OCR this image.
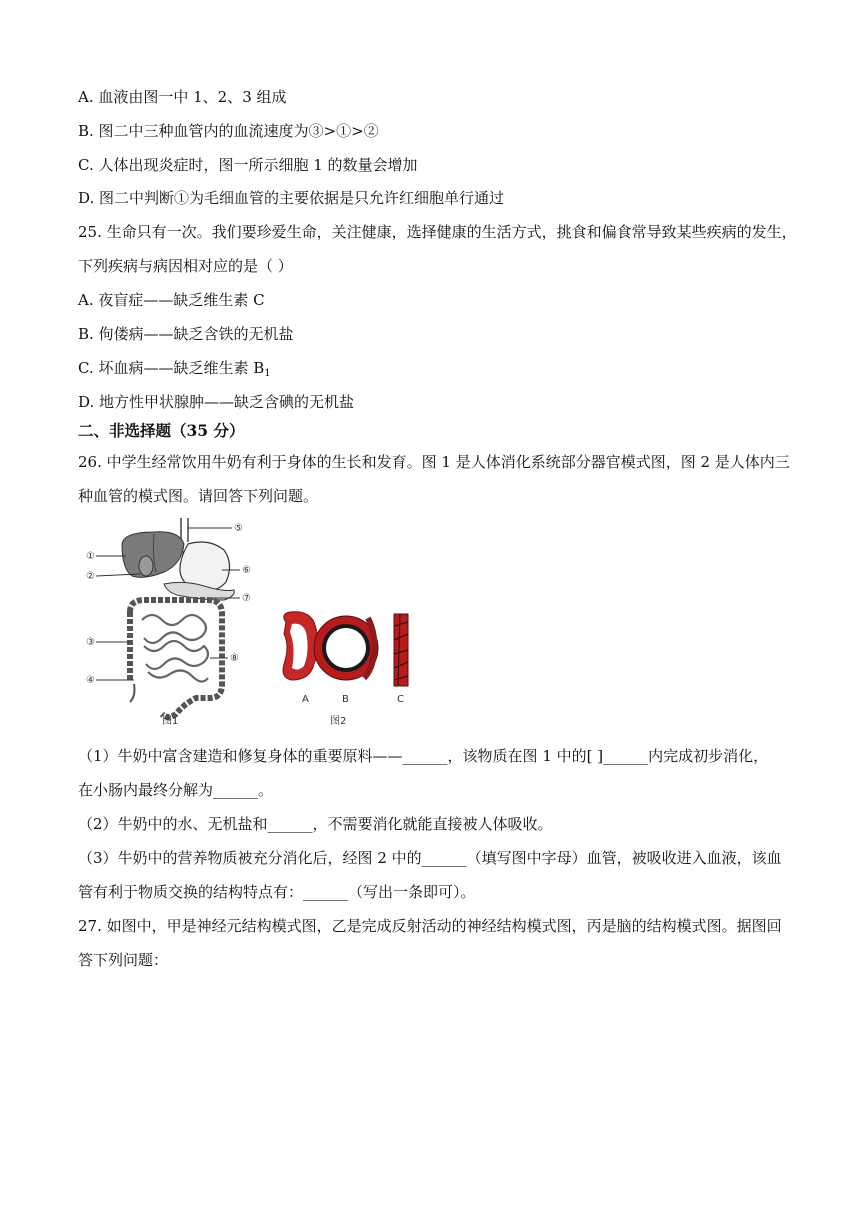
A. 血液由图一中 1、2、3 组成
B. 图二中三种血管内的血流速度为③>①>②
C. 人体出现炎症时，图一所示细胞 1 的数量会增加
D. 图二中判断①为毛细血管的主要依据是只允许红细胞单行通过
25. 生命只有一次。我们要珍爱生命，关注健康，选择健康的生活方式，挑食和偏食常导致某些疾病的发生，
下列疾病与病因相对应的是（ ）
A. 夜盲症——缺乏维生素 C
B. 佝偻病——缺乏含铁的无机盐
C. 坏血病——缺乏维生素 $B_1$
D. 地方性甲状腺肿——缺乏含碘的无机盐
二、非选择题（35 分）
26. 中学生经常饮用牛奶有利于身体的生长和发育。图 1 是人体消化系统部分器官模式图，图 2 是人体内三
种血管的模式图。请回答下列问题。
①
②
③
④
⑤
⑥
⑦
⑧
A	B	C
图1	图2
（1）牛奶中富含建造和修复身体的重要原料——______，该物质在图 1 中的[ ]______内完成初步消化，
在小肠内最终分解为______。
（2）牛奶中的水、无机盐和______，不需要消化就能直接被人体吸收。
（3）牛奶中的营养物质被充分消化后，经图 2 中的______（填写图中字母）血管，被吸收进入血液，该血
管有利于物质交换的结构特点有：______（写出一条即可）。
27. 如图中，甲是神经元结构模式图，乙是完成反射活动的神经结构模式图，丙是脑的结构模式图。据图回
答下列问题：
